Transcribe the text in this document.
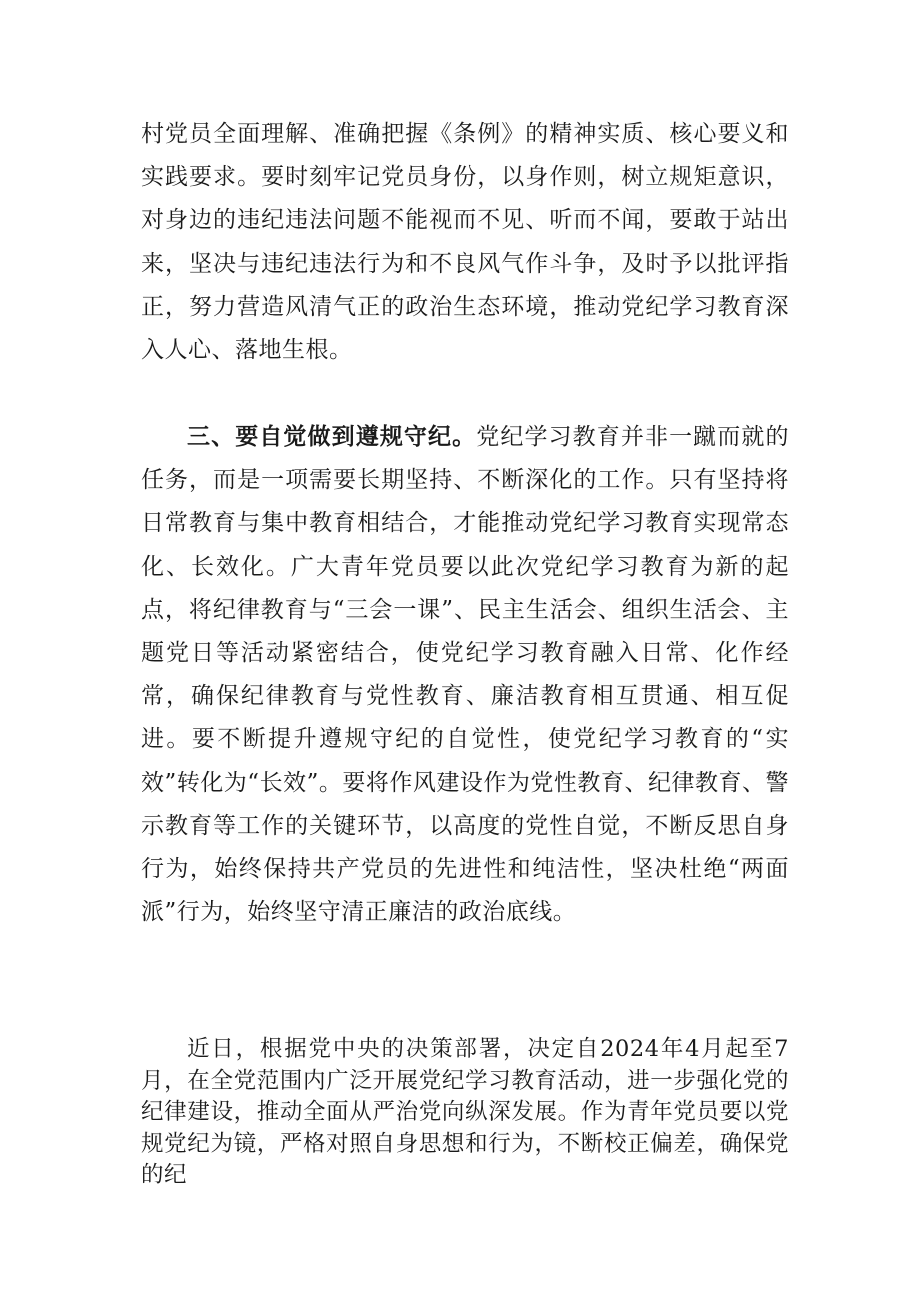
村党员全面理解、准确把握《条例》的精神实质、核心要义和实践要求。要时刻牢记党员身份，以身作则，树立规矩意识，对身边的违纪违法问题不能视而不见、听而不闻，要敢于站出来，坚决与违纪违法行为和不良风气作斗争，及时予以批评指正，努力营造风清气正的政治生态环境，推动党纪学习教育深入人心、落地生根。

三、要自觉做到遵规守纪。党纪学习教育并非一蹴而就的任务，而是一项需要长期坚持、不断深化的工作。只有坚持将日常教育与集中教育相结合，才能推动党纪学习教育实现常态化、长效化。广大青年党员要以此次党纪学习教育为新的起点，将纪律教育与“三会一课”、民主生活会、组织生活会、主题党日等活动紧密结合，使党纪学习教育融入日常、化作经常，确保纪律教育与党性教育、廉洁教育相互贯通、相互促进。要不断提升遵规守纪的自觉性，使党纪学习教育的“实效”转化为“长效”。要将作风建设作为党性教育、纪律教育、警示教育等工作的关键环节，以高度的党性自觉，不断反思自身行为，始终保持共产党员的先进性和纯洁性，坚决杜绝“两面派”行为，始终坚守清正廉洁的政治底线。

近日，根据党中央的决策部署，决定自2024年4月起至7月，在全党范围内广泛开展党纪学习教育活动，进一步强化党的纪律建设，推动全面从严治党向纵深发展。作为青年党员要以党规党纪为镜，严格对照自身思想和行为，不断校正偏差，确保党的纪
